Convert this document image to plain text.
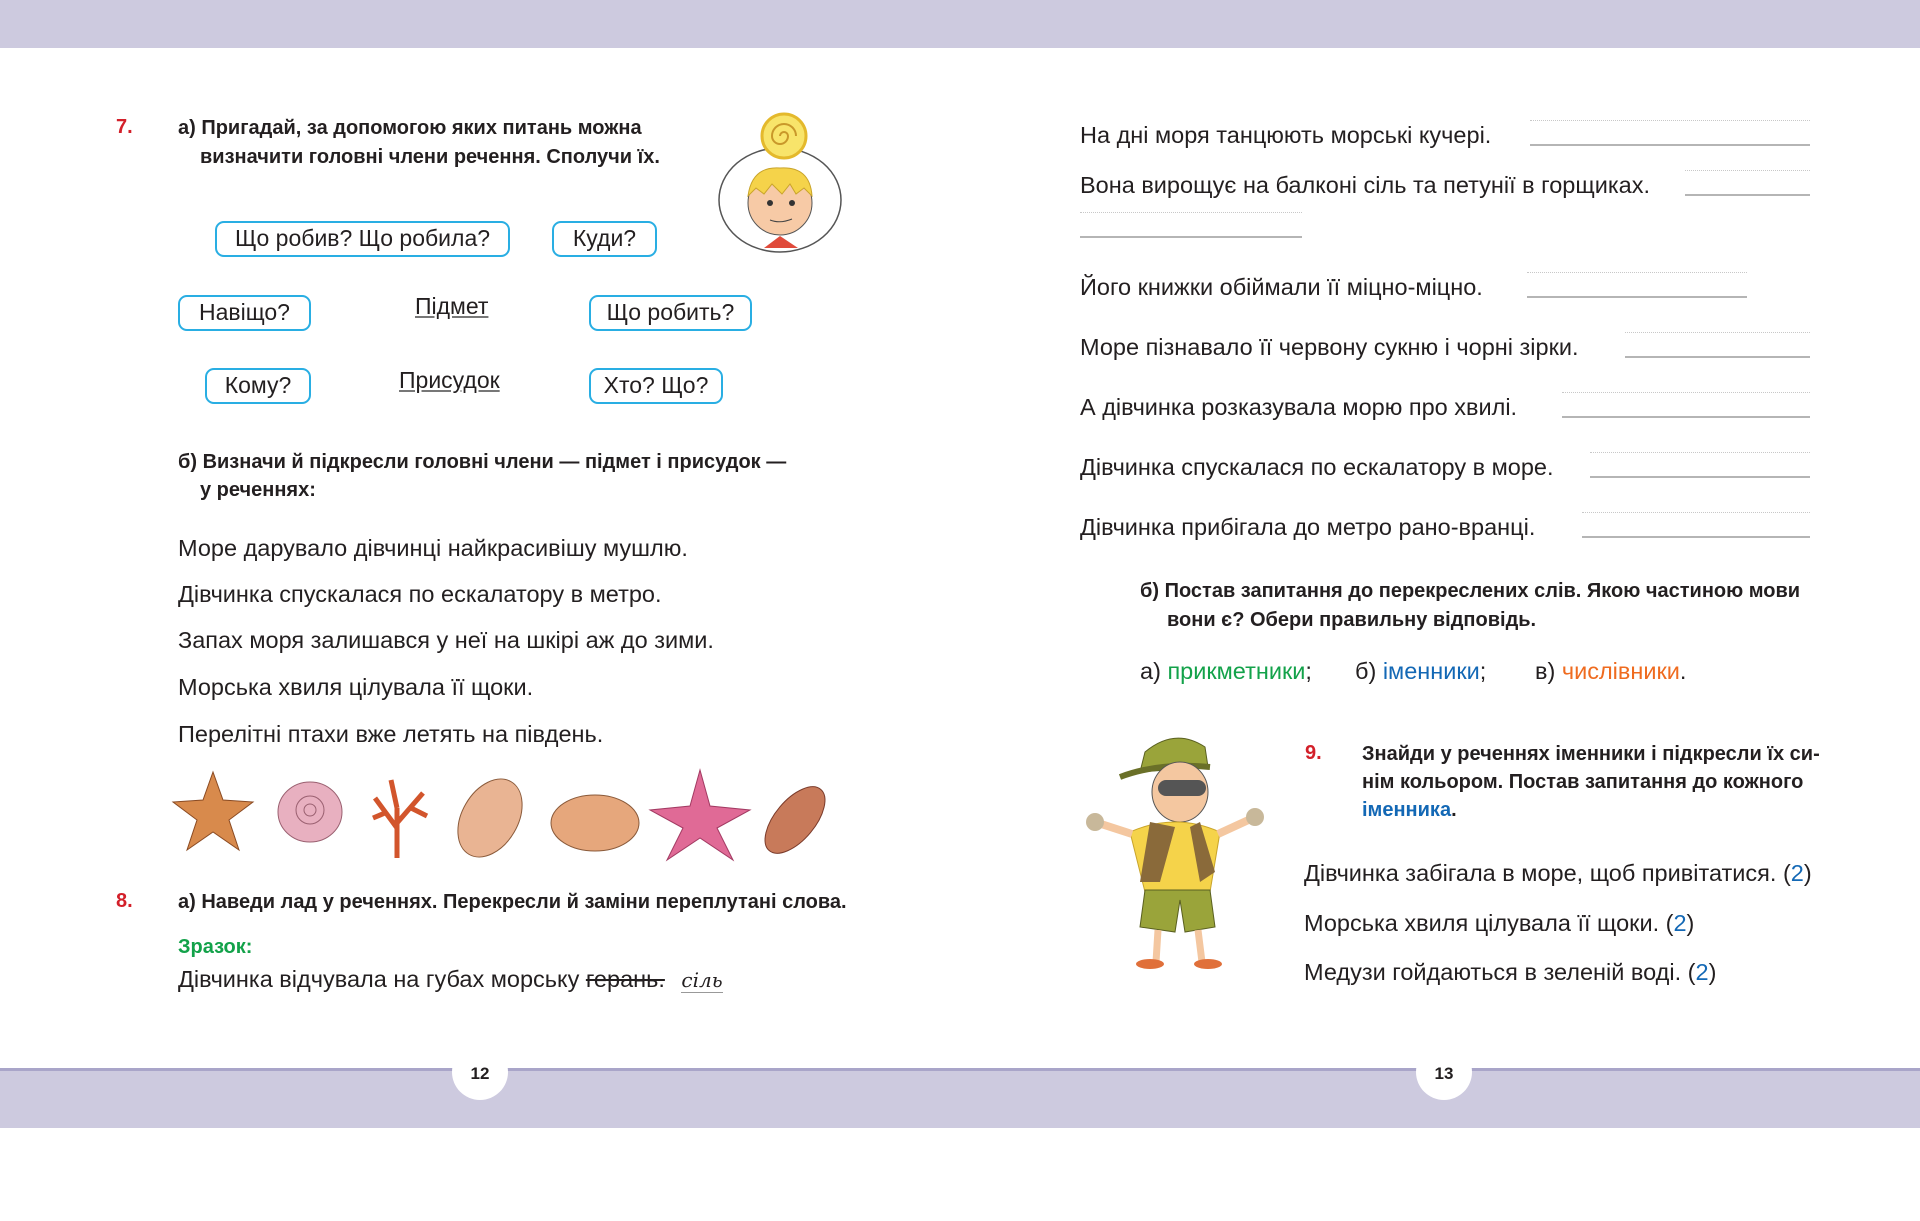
7. а) Пригадай, за допомогою яких питань можна
визначити головні члени речення. Сполучи їх.
Що робив? Що робила?	Куди?
Навіщо?	Підмет	Що робить?
Кому?	Присудок	Хто? Що?
б) Визначи й підкресли головні члени — підмет і присудок —
у реченнях:
Море дарувало дівчинці найкрасивішу мушлю.
Дівчинка спускалася по ескалатору в метро.
Запах моря залишався у неї на шкірі аж до зими.
Морська хвиля цілувала її щоки.
Перелітні птахи вже летять на південь.
8. а) Наведи лад у реченнях. Перекресли й заміни переплутані слова.
Зразок:
Дівчинка відчувала на губах морську герань. сіль
На дні моря танцюють морські кучері.
Вона вирощує на балконі сіль та петунії в горщиках.
Його книжки обіймали її міцно-міцно.
Море пізнавало її червону сукню і чорні зірки.
А дівчинка розказувала морю про хвилі.
Дівчинка спускалася по ескалатору в море.
Дівчинка прибігала до метро рано-вранці.
б) Постав запитання до перекреслених слів. Якою частиною мови
вони є? Обери правильну відповідь.
а) прикметники; б) іменники; в) числівники.
9. Знайди у реченнях іменники і підкресли їх си-
нім кольором. Постав запитання до кожного
іменника.
Дівчинка забігала в море, щоб привітатися. (2)
Морська хвиля цілувала її щоки. (2)
Медузи гойдаються в зеленій воді. (2)
12	13
